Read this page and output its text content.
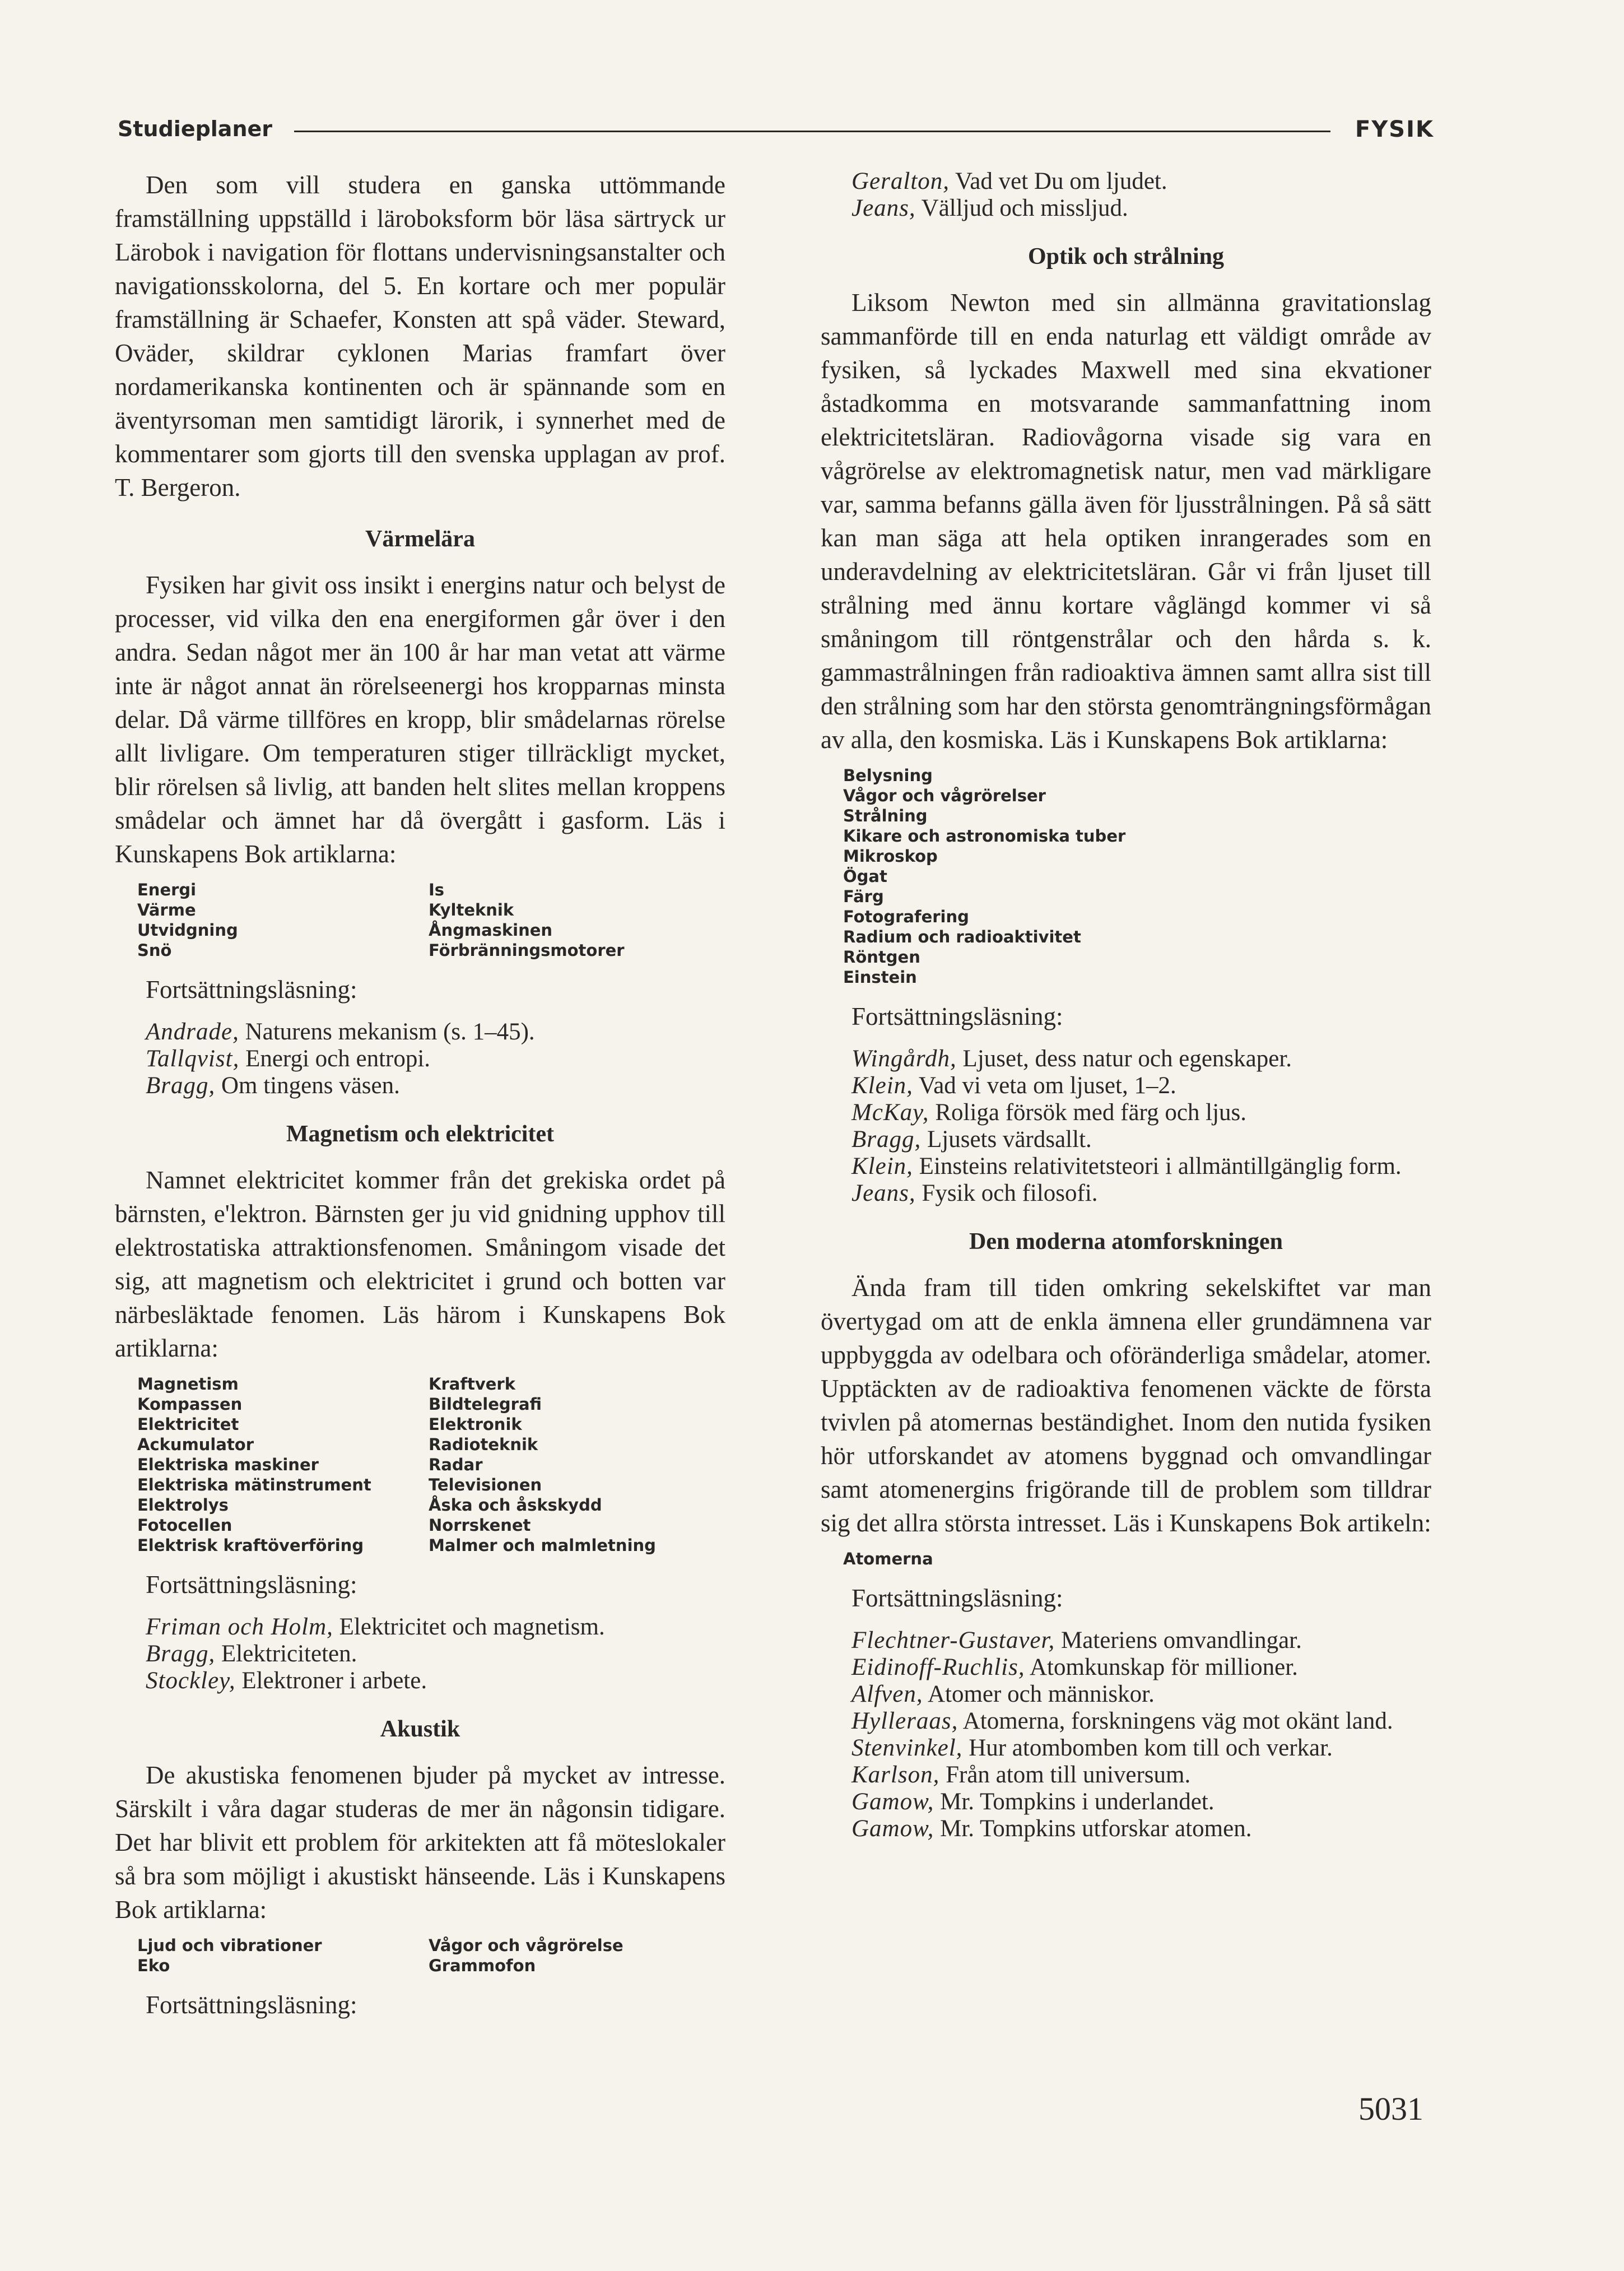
Studieplaner	FYSIK

Den som vill studera en ganska uttömmande framställning uppställd i läroboksform bör läsa särtryck ur Lärobok i navigation för flottans undervisningsanstalter och navigationsskolorna, del 5. En kortare och mer populär framställning är Schaefer, Konsten att spå väder. Steward, Oväder, skildrar cyklonen Marias framfart över nordamerikanska kontinenten och är spännande som en äventyrsoman men samtidigt lärorik, i synnerhet med de kommentarer som gjorts till den svenska upplagan av prof. T. Bergeron.

Värmelära

Fysiken har givit oss insikt i energins natur och belyst de processer, vid vilka den ena energiformen går över i den andra. Sedan något mer än 100 år har man vetat att värme inte är något annat än rörelseenergi hos kropparnas minsta delar. Då värme tillföres en kropp, blir smådelarnas rörelse allt livligare. Om temperaturen stiger tillräckligt mycket, blir rörelsen så livlig, att banden helt slites mellan kroppens smådelar och ämnet har då övergått i gasform. Läs i Kunskapens Bok artiklarna:

Energi
Värme
Utvidgning
Snö
Is
Kylteknik
Ångmaskinen
Förbränningsmotorer
Fortsättningsläsning:
Andrade, Naturens mekanism (s. 1–45).
Tallqvist, Energi och entropi.
Bragg, Om tingens väsen.
Magnetism och elektricitet

Namnet elektricitet kommer från det grekiska ordet på bärnsten, e'lektron. Bärnsten ger ju vid gnidning upphov till elektrostatiska attraktionsfenomen. Småningom visade det sig, att magnetism och elektricitet i grund och botten var närbesläktade fenomen. Läs härom i Kunskapens Bok artiklarna:

Magnetism
Kompassen
Elektricitet
Ackumulator
Elektriska maskiner
Elektriska mätinstrument
Elektrolys
Fotocellen
Elektrisk kraftöverföring
Kraftverk
Bildtelegrafi
Elektronik
Radioteknik
Radar
Televisionen
Åska och åskskydd
Norrskenet
Malmer och malmletning
Fortsättningsläsning:
Friman och Holm, Elektricitet och magnetism.
Bragg, Elektriciteten.
Stockley, Elektroner i arbete.
Akustik

De akustiska fenomenen bjuder på mycket av intresse. Särskilt i våra dagar studeras de mer än någonsin tidigare. Det har blivit ett problem för arkitekten att få möteslokaler så bra som möjligt i akustiskt hänseende. Läs i Kunskapens Bok artiklarna:

Ljud och vibrationer
Eko
Vågor och vågrörelse
Grammofon
Fortsättningsläsning:
Geralton, Vad vet Du om ljudet.
Jeans, Välljud och missljud.
Optik och strålning

Liksom Newton med sin allmänna gravitationslag sammanförde till en enda naturlag ett väldigt område av fysiken, så lyckades Maxwell med sina ekvationer åstadkomma en motsvarande sammanfattning inom elektricitetsläran. Radiovågorna visade sig vara en vågrörelse av elektromagnetisk natur, men vad märkligare var, samma befanns gälla även för ljusstrålningen. På så sätt kan man säga att hela optiken inrangerades som en underavdelning av elektricitetsläran. Går vi från ljuset till strålning med ännu kortare våglängd kommer vi så småningom till röntgenstrålar och den hårda s. k. gammastrålningen från radioaktiva ämnen samt allra sist till den strålning som har den största genomträngningsförmågan av alla, den kosmiska. Läs i Kunskapens Bok artiklarna:

Belysning
Vågor och vågrörelser
Strålning
Kikare och astronomiska tuber
Mikroskop
Ögat
Färg
Fotografering
Radium och radioaktivitet
Röntgen
Einstein
Fortsättningsläsning:
Wingårdh, Ljuset, dess natur och egenskaper.
Klein, Vad vi veta om ljuset, 1–2.
McKay, Roliga försök med färg och ljus.
Bragg, Ljusets värdsallt.
Klein, Einsteins relativitetsteori i allmäntillgänglig form.
Jeans, Fysik och filosofi.
Den moderna atomforskningen

Ända fram till tiden omkring sekelskiftet var man övertygad om att de enkla ämnena eller grundämnena var uppbyggda av odelbara och oföränderliga smådelar, atomer. Upptäckten av de radioaktiva fenomenen väckte de första tvivlen på atomernas beständighet. Inom den nutida fysiken hör utforskandet av atomens byggnad och omvandlingar samt atomenergins frigörande till de problem som tilldrar sig det allra största intresset. Läs i Kunskapens Bok artikeln:

Atomerna
Fortsättningsläsning:
Flechtner-Gustaver, Materiens omvandlingar.
Eidinoff-Ruchlis, Atomkunskap för millioner.
Alfven, Atomer och människor.
Hylleraas, Atomerna, forskningens väg mot okänt land.
Stenvinkel, Hur atombomben kom till och verkar.
Karlson, Från atom till universum.
Gamow, Mr. Tompkins i underlandet.
Gamow, Mr. Tompkins utforskar atomen.
5031
